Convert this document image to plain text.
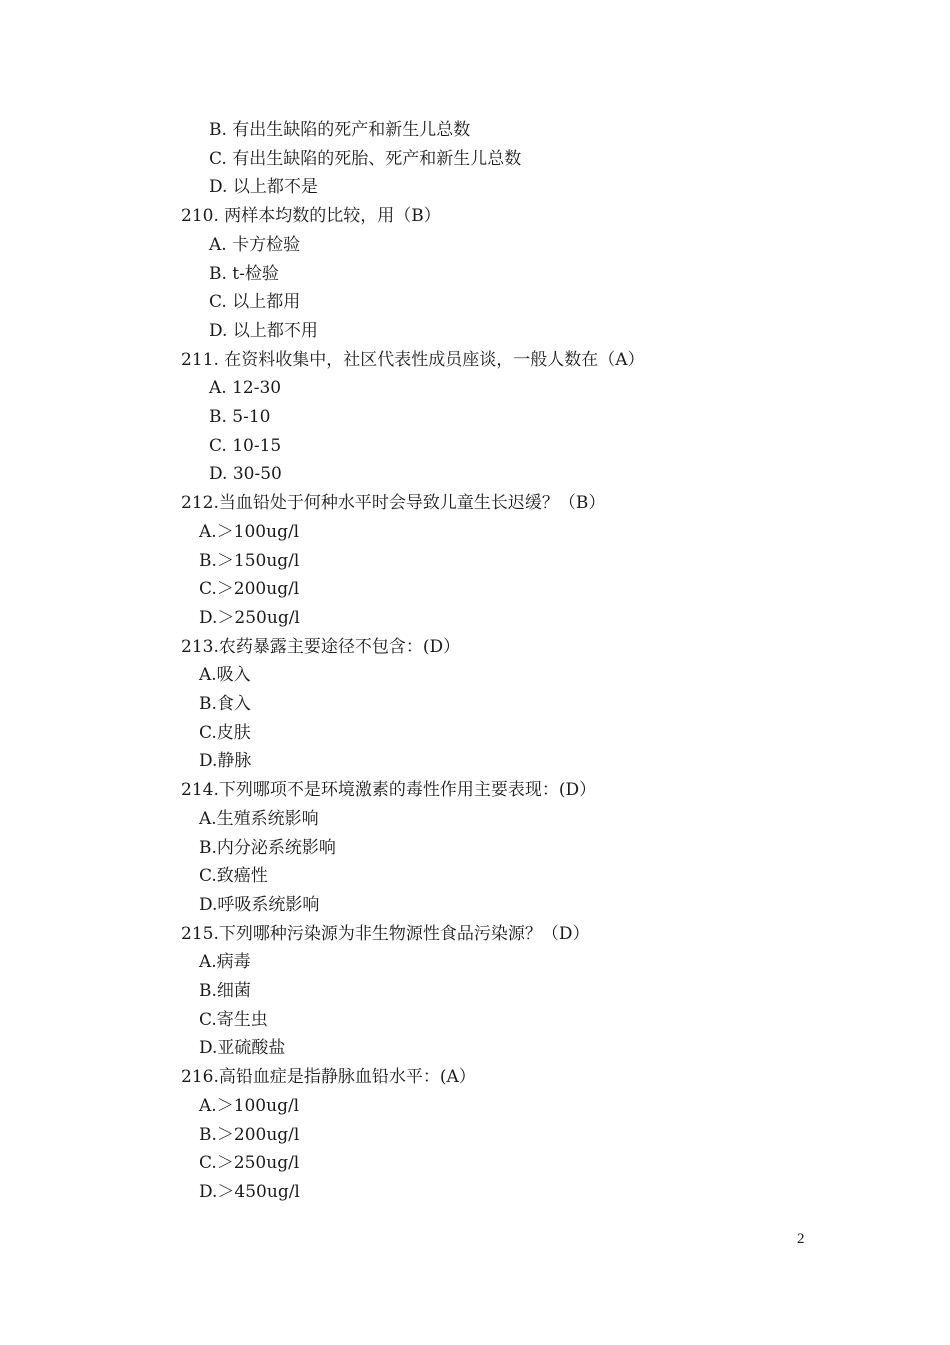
B. 有出生缺陷的死产和新生儿总数
C. 有出生缺陷的死胎、死产和新生儿总数
D. 以上都不是
210. 两样本均数的比较，用（B）
A. 卡方检验
B. t-检验
C. 以上都用
D. 以上都不用
211. 在资料收集中，社区代表性成员座谈，一般人数在（A）
A. 12-30
B. 5-10
C. 10-15
D. 30-50
212.当血铅处于何种水平时会导致儿童生长迟缓？（B）
A.＞100ug/l
B.＞150ug/l
C.＞200ug/l
D.＞250ug/l
213.农药暴露主要途径不包含：(D）
A.吸入
B.食入
C.皮肤
D.静脉
214.下列哪项不是环境激素的毒性作用主要表现：(D）
A.生殖系统影响
B.内分泌系统影响
C.致癌性
D.呼吸系统影响
215.下列哪种污染源为非生物源性食品污染源？（D）
A.病毒
B.细菌
C.寄生虫
D.亚硫酸盐
216.高铅血症是指静脉血铅水平：(A）
A.＞100ug/l
B.＞200ug/l
C.＞250ug/l
D.＞450ug/l
2
